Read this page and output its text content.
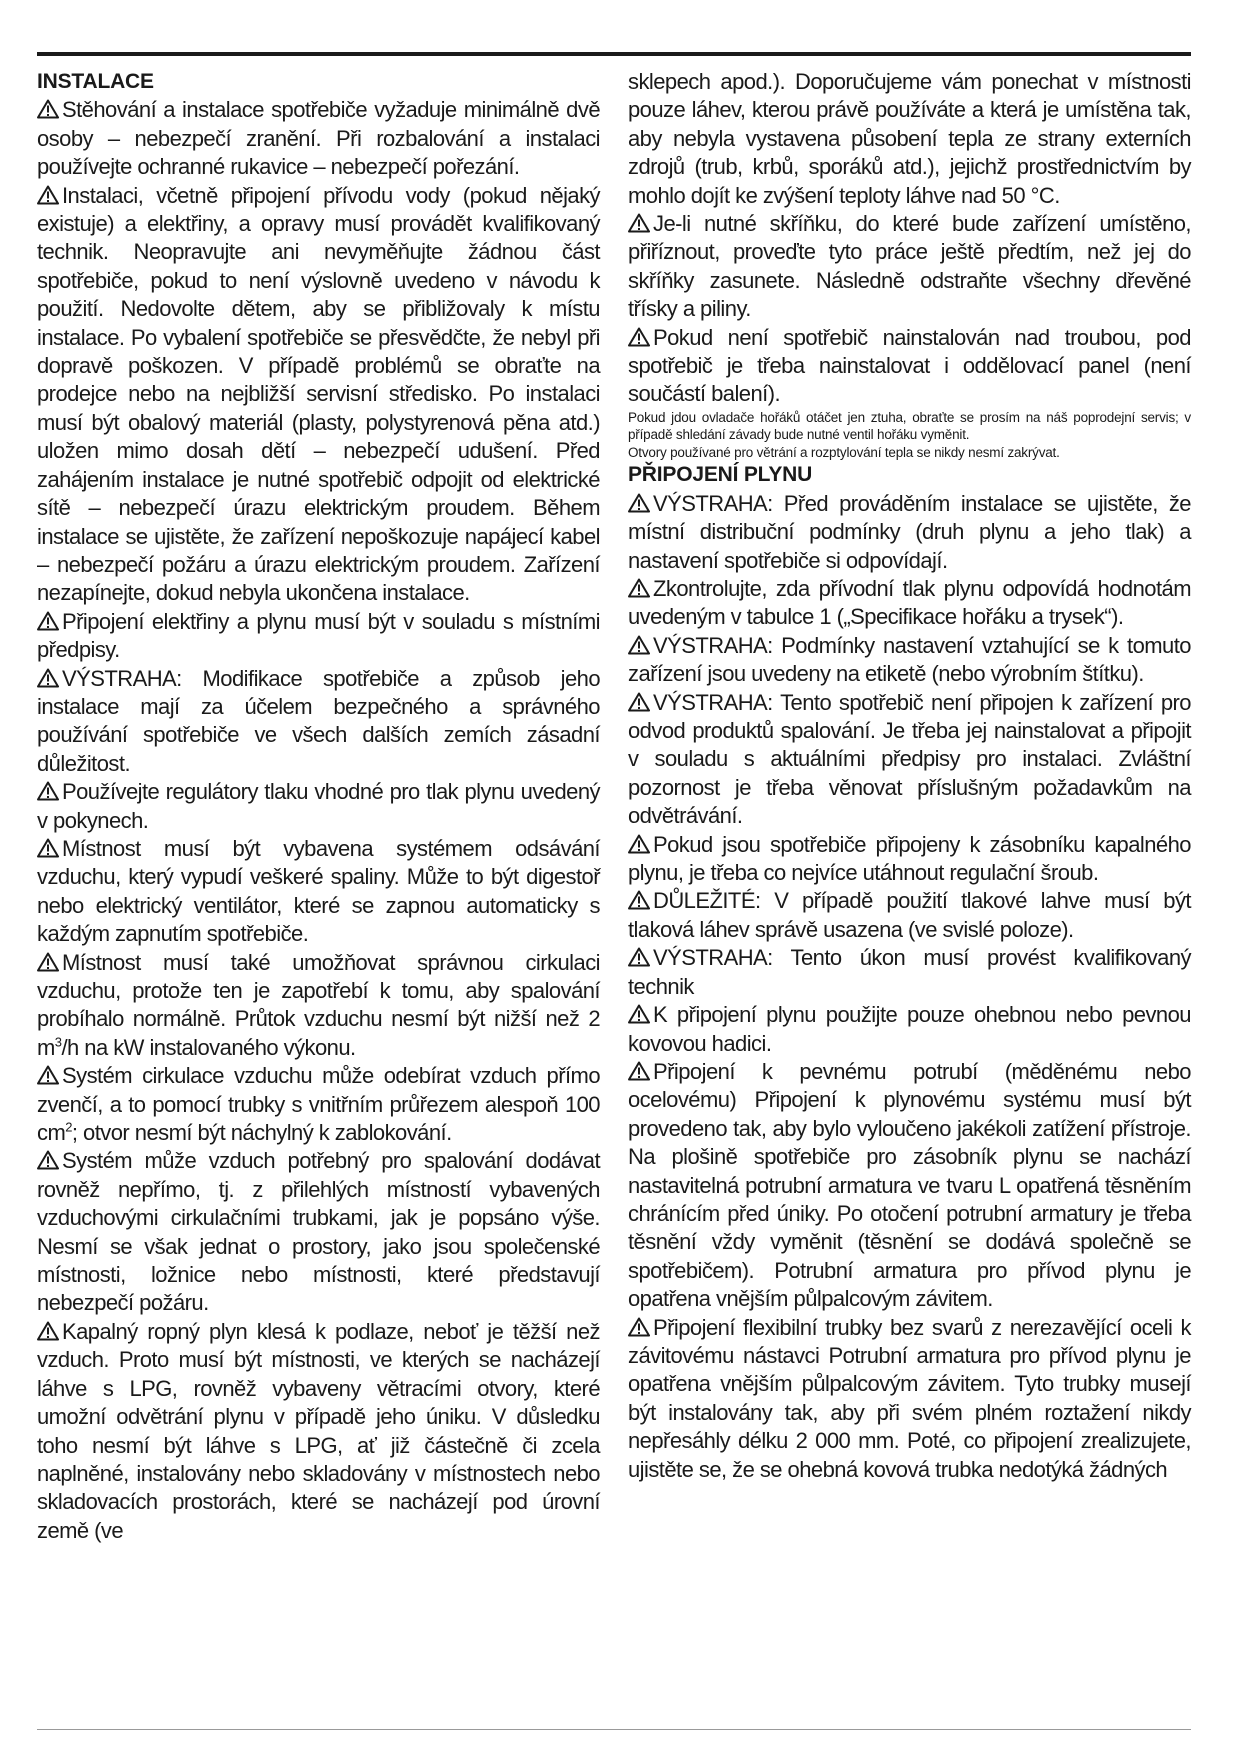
INSTALACE

Stěhování a instalace spotřebiče vyžaduje minimálně dvě osoby – nebezpečí zranění. Při rozbalování a instalaci používejte ochranné rukavice – nebezpečí pořezání.

Instalaci, včetně připojení přívodu vody (pokud nějaký existuje) a elektřiny, a opravy musí provádět kvalifikovaný technik. Neopravujte ani nevyměňujte žádnou část spotřebiče, pokud to není výslovně uvedeno v návodu k použití. Nedovolte dětem, aby se přibližovaly k místu instalace. Po vybalení spotřebiče se přesvědčte, že nebyl při dopravě poškozen. V případě problémů se obraťte na prodejce nebo na nejbližší servisní středisko. Po instalaci musí být obalový materiál (plasty, polystyrenová pěna atd.) uložen mimo dosah dětí – nebezpečí udušení. Před zahájením instalace je nutné spotřebič odpojit od elektrické sítě – nebezpečí úrazu elektrickým proudem. Během instalace se ujistěte, že zařízení nepoškozuje napájecí kabel – nebezpečí požáru a úrazu elektrickým proudem. Zařízení nezapínejte, dokud nebyla ukončena instalace.

Připojení elektřiny a plynu musí být v souladu s místními předpisy.

VÝSTRAHA: Modifikace spotřebiče a způsob jeho instalace mají za účelem bezpečného a správného používání spotřebiče ve všech dalších zemích zásadní důležitost.

Používejte regulátory tlaku vhodné pro tlak plynu uvedený v pokynech.

Místnost musí být vybavena systémem odsávání vzduchu, který vypudí veškeré spaliny. Může to být digestoř nebo elektrický ventilátor, které se zapnou automaticky s každým zapnutím spotřebiče.

Místnost musí také umožňovat správnou cirkulaci vzduchu, protože ten je zapotřebí k tomu, aby spalování probíhalo normálně. Průtok vzduchu nesmí být nižší než 2 $m^3/h$ na kW instalovaného výkonu.

Systém cirkulace vzduchu může odebírat vzduch přímo zvenčí, a to pomocí trubky s vnitřním průřezem alespoň 100 $cm^2$; otvor nesmí být náchylný k zablokování.

Systém může vzduch potřebný pro spalování dodávat rovněž nepřímo, tj. z přilehlých místností vybavených vzduchovými cirkulačními trubkami, jak je popsáno výše. Nesmí se však jednat o prostory, jako jsou společenské místnosti, ložnice nebo místnosti, které představují nebezpečí požáru.

Kapalný ropný plyn klesá k podlaze, neboť je těžší než vzduch. Proto musí být místnosti, ve kterých se nacházejí láhve s LPG, rovněž vybaveny větracími otvory, které umožní odvětrání plynu v případě jeho úniku. V důsledku toho nesmí být láhve s LPG, ať již částečně či zcela naplněné, instalovány nebo skladovány v místnostech nebo skladovacích prostorách, které se nacházejí pod úrovní země (ve

sklepech apod.). Doporučujeme vám ponechat v místnosti pouze láhev, kterou právě používáte a která je umístěna tak, aby nebyla vystavena působení tepla ze strany externích zdrojů (trub, krbů, sporáků atd.), jejichž prostřednictvím by mohlo dojít ke zvýšení teploty láhve nad 50 °C.

Je-li nutné skříňku, do které bude zařízení umístěno, přiříznout, proveďte tyto práce ještě předtím, než jej do skříňky zasunete. Následně odstraňte všechny dřevěné třísky a piliny.

Pokud není spotřebič nainstalován nad troubou, pod spotřebič je třeba nainstalovat i oddělovací panel (není součástí balení).

Pokud jdou ovladače hořáků otáčet jen ztuha, obraťte se prosím na náš poprodejní servis; v případě shledání závady bude nutné ventil hořáku vyměnit.

Otvory používané pro větrání a rozptylování tepla se nikdy nesmí zakrývat.

PŘIPOJENÍ PLYNU

VÝSTRAHA: Před prováděním instalace se ujistěte, že místní distribuční podmínky (druh plynu a jeho tlak) a nastavení spotřebiče si odpovídají.

Zkontrolujte, zda přívodní tlak plynu odpovídá hodnotám uvedeným v tabulce 1 („Specifikace hořáku a trysek“).

VÝSTRAHA: Podmínky nastavení vztahující se k tomuto zařízení jsou uvedeny na etiketě (nebo výrobním štítku).

VÝSTRAHA: Tento spotřebič není připojen k zařízení pro odvod produktů spalování. Je třeba jej nainstalovat a připojit v souladu s aktuálními předpisy pro instalaci. Zvláštní pozornost je třeba věnovat příslušným požadavkům na odvětrávání.

Pokud jsou spotřebiče připojeny k zásobníku kapalného plynu, je třeba co nejvíce utáhnout regulační šroub.

DŮLEŽITÉ: V případě použití tlakové lahve musí být tlaková láhev správě usazena (ve svislé poloze).

VÝSTRAHA: Tento úkon musí provést kvalifikovaný technik

K připojení plynu použijte pouze ohebnou nebo pevnou kovovou hadici.

Připojení k pevnému potrubí (měděnému nebo ocelovému) Připojení k plynovému systému musí být provedeno tak, aby bylo vyloučeno jakékoli zatížení přístroje. Na plošině spotřebiče pro zásobník plynu se nachází nastavitelná potrubní armatura ve tvaru L opatřená těsněním chránícím před úniky. Po otočení potrubní armatury je třeba těsnění vždy vyměnit (těsnění se dodává společně se spotřebičem). Potrubní armatura pro přívod plynu je opatřena vnějším půlpalcovým závitem.

Připojení flexibilní trubky bez svarů z nerezavějící oceli k závitovému nástavci Potrubní armatura pro přívod plynu je opatřena vnějším půlpalcovým závitem. Tyto trubky musejí být instalovány tak, aby při svém plném roztažení nikdy nepřesáhly délku 2 000 mm. Poté, co připojení zrealizujete, ujistěte se, že se ohebná kovová trubka nedotýká žádných
